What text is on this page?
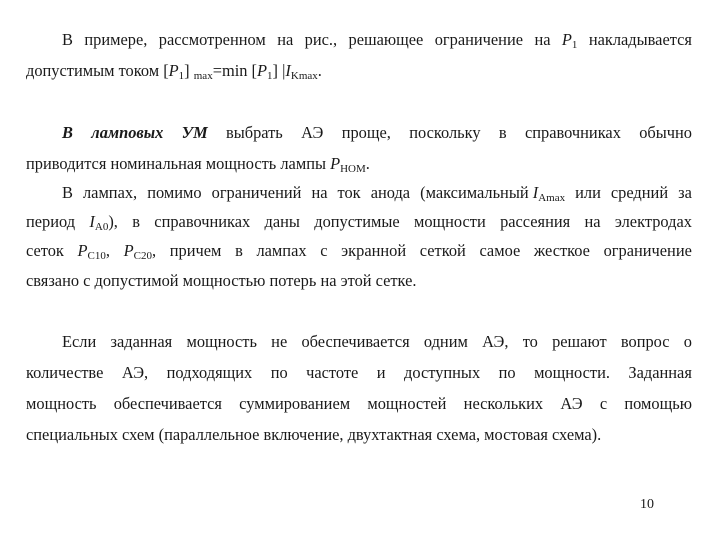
В примере, рассмотренном на рис., решающее ограничение на $P_1$ накладывается
допустимым током $[P_1]$ $_{max}$=min $[P_1]$ $|I_{Kmax}$.
В ламповых УМ выбрать АЭ проще, поскольку в справочниках обычно
приводится номинальная мощность лампы $P_{НОМ}$.
В лампах, помимо ограничений на ток анода (максимальный $I_{Amax}$ или средний за
период $I_{A0}$), в справочниках даны допустимые мощности рассеяния на электродах
сеток $P_{C10}$, $P_{C20}$, причем в лампах с экранной сеткой самое жесткое ограничение
связано с допустимой мощностью потерь на этой сетке.
Если заданная мощность не обеспечивается одним АЭ, то решают вопрос о
количестве АЭ, подходящих по частоте и доступных по мощности. Заданная
мощность обеспечивается суммированием мощностей нескольких АЭ с помощью
специальных схем (параллельное включение, двухтактная схема, мостовая схема).
10
